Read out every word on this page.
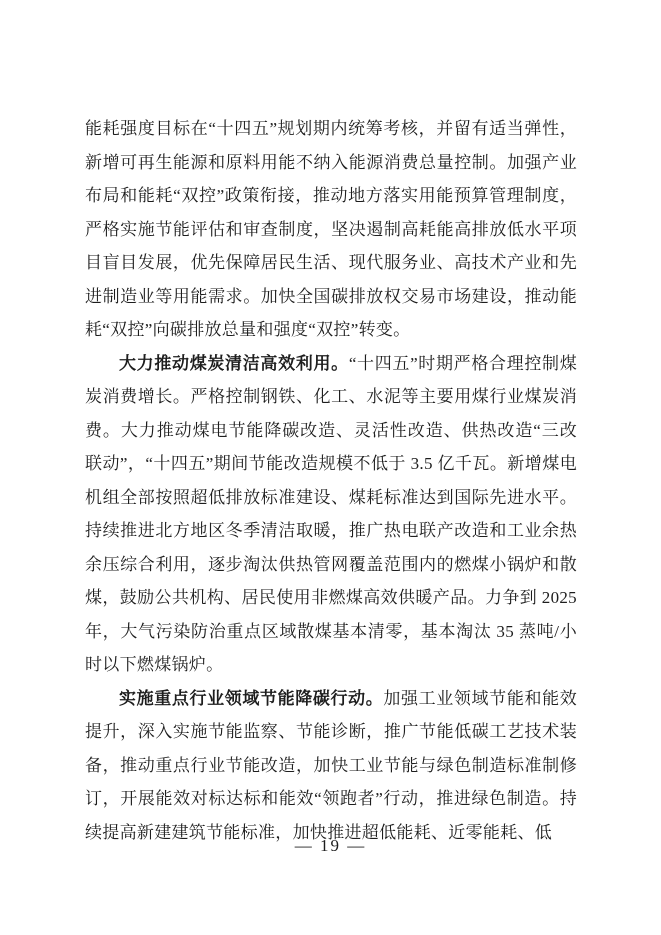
能耗强度目标在“十四五”规划期内统筹考核，并留有适当弹性，新增可再生能源和原料用能不纳入能源消费总量控制。加强产业布局和能耗“双控”政策衔接，推动地方落实用能预算管理制度，严格实施节能评估和审查制度，坚决遏制高耗能高排放低水平项目盲目发展，优先保障居民生活、现代服务业、高技术产业和先进制造业等用能需求。加快全国碳排放权交易市场建设，推动能耗“双控”向碳排放总量和强度“双控”转变。

大力推动煤炭清洁高效利用。“十四五”时期严格合理控制煤炭消费增长。严格控制钢铁、化工、水泥等主要用煤行业煤炭消费。大力推动煤电节能降碳改造、灵活性改造、供热改造“三改联动”，“十四五”期间节能改造规模不低于 3.5 亿千瓦。新增煤电机组全部按照超低排放标准建设、煤耗标准达到国际先进水平。持续推进北方地区冬季清洁取暖，推广热电联产改造和工业余热余压综合利用，逐步淘汰供热管网覆盖范围内的燃煤小锅炉和散煤，鼓励公共机构、居民使用非燃煤高效供暖产品。力争到 2025 年，大气污染防治重点区域散煤基本清零，基本淘汰 35 蒸吨/小时以下燃煤锅炉。

实施重点行业领域节能降碳行动。加强工业领域节能和能效提升，深入实施节能监察、节能诊断，推广节能低碳工艺技术装备，推动重点行业节能改造，加快工业节能与绿色制造标准制修订，开展能效对标达标和能效“领跑者”行动，推进绿色制造。持续提高新建建筑节能标准，加快推进超低能耗、近零能耗、低

— 19 —
